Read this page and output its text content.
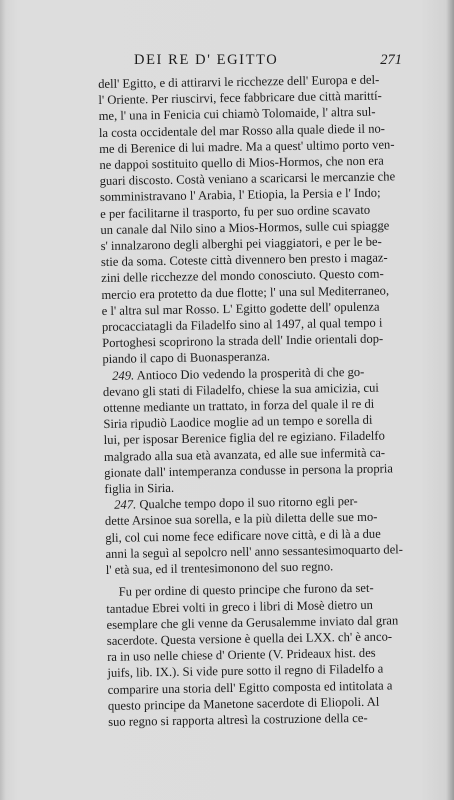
DEI RE D' EGITTO	271

dell' Egitto, e di attirarvi le ricchezze dell' Europa e del-
l' Oriente. Per riuscirvi, fece fabbricare due città marittí-
me, l' una in Fenicia cui chiamò Tolomaide, l' altra sul-
la costa occidentale del mar Rosso alla quale diede il no-
me di Berenice di lui madre. Ma a quest' ultimo porto ven-
ne dappoi sostituito quello di Mios-Hormos, che non era
guari discosto. Costà veniano a scaricarsi le mercanzie che
somministravano l' Arabia, l' Etiopia, la Persia e l' Indo;
e per facilitarne il trasporto, fu per suo ordine scavato
un canale dal Nilo sino a Mios-Hormos, sulle cui spiagge
s' innalzarono degli alberghi pei viaggiatori, e per le be-
stie da soma. Coteste città divennero ben presto i magaz-
zini delle ricchezze del mondo conosciuto. Questo com-
mercio era protetto da due flotte; l' una sul Mediterraneo,
e l' altra sul mar Rosso. L' Egitto godette dell' opulenza
procacciatagli da Filadelfo sino al 1497, al qual tempo i
Portoghesi scoprirono la strada dell' Indie orientali dop-
piando il capo di Buonasperanza.

249. Antioco Dio vedendo la prosperità di che go-
devano gli stati di Filadelfo, chiese la sua amicizia, cui
ottenne mediante un trattato, in forza del quale il re di
Siria ripudiò Laodice moglie ad un tempo e sorella di
lui, per isposar Berenice figlia del re egiziano. Filadelfo
malgrado alla sua età avanzata, ed alle sue infermità ca-
gionate dall' intemperanza condusse in persona la propria
figlia in Siria.

247. Qualche tempo dopo il suo ritorno egli per-
dette Arsinoe sua sorella, e la più diletta delle sue mo-
gli, col cui nome fece edificare nove città, e di là a due
anni la seguì al sepolcro nell' anno sessantesimoquarto del-
l' età sua, ed il trentesimonono del suo regno.

Fu per ordine di questo principe che furono da set-
tantadue Ebrei volti in greco i libri di Mosè dietro un
esemplare che gli venne da Gerusalemme inviato dal gran
sacerdote. Questa versione è quella dei LXX. ch' è anco-
ra in uso nelle chiese d' Oriente (V. Prideaux hist. des
juifs, lib. IX.). Si vide pure sotto il regno di Filadelfo a
comparire una storia dell' Egitto composta ed intitolata a
questo principe da Manetone sacerdote di Eliopoli. Al
suo regno si rapporta altresì la costruzione della ce-
